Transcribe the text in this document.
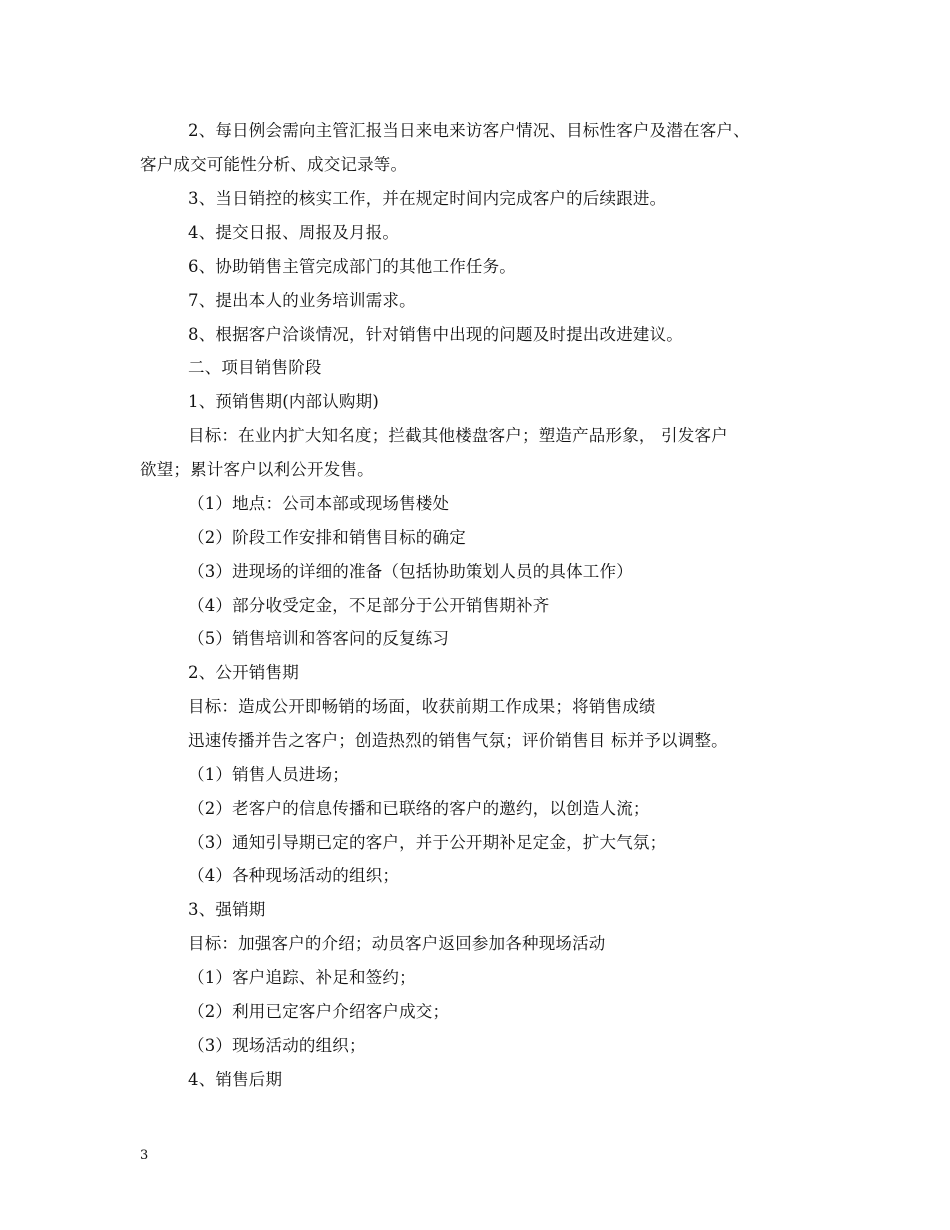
2、每日例会需向主管汇报当日来电来访客户情况、目标性客户及潜在客户、
客户成交可能性分析、成交记录等。
3、当日销控的核实工作，并在规定时间内完成客户的后续跟进。
4、提交日报、周报及月报。
6、协助销售主管完成部门的其他工作任务。
7、提出本人的业务培训需求。
8、根据客户洽谈情况，针对销售中出现的问题及时提出改进建议。
二、项目销售阶段
1、预销售期(内部认购期)
目标：在业内扩大知名度；拦截其他楼盘客户；塑造产品形象， 引发客户
欲望；累计客户以利公开发售。
（1）地点：公司本部或现场售楼处
（2）阶段工作安排和销售目标的确定
（3）进现场的详细的准备（包括协助策划人员的具体工作）
（4）部分收受定金，不足部分于公开销售期补齐
（5）销售培训和答客问的反复练习
2、公开销售期
目标：造成公开即畅销的场面，收获前期工作成果；将销售成绩
迅速传播并告之客户；创造热烈的销售气氛；评价销售目 标并予以调整。
（1）销售人员进场；
（2）老客户的信息传播和已联络的客户的邀约，以创造人流；
（3）通知引导期已定的客户，并于公开期补足定金，扩大气氛；
（4）各种现场活动的组织；
3、强销期
目标：加强客户的介绍；动员客户返回参加各种现场活动
（1）客户追踪、补足和签约；
（2）利用已定客户介绍客户成交；
（3）现场活动的组织；
4、销售后期
3
